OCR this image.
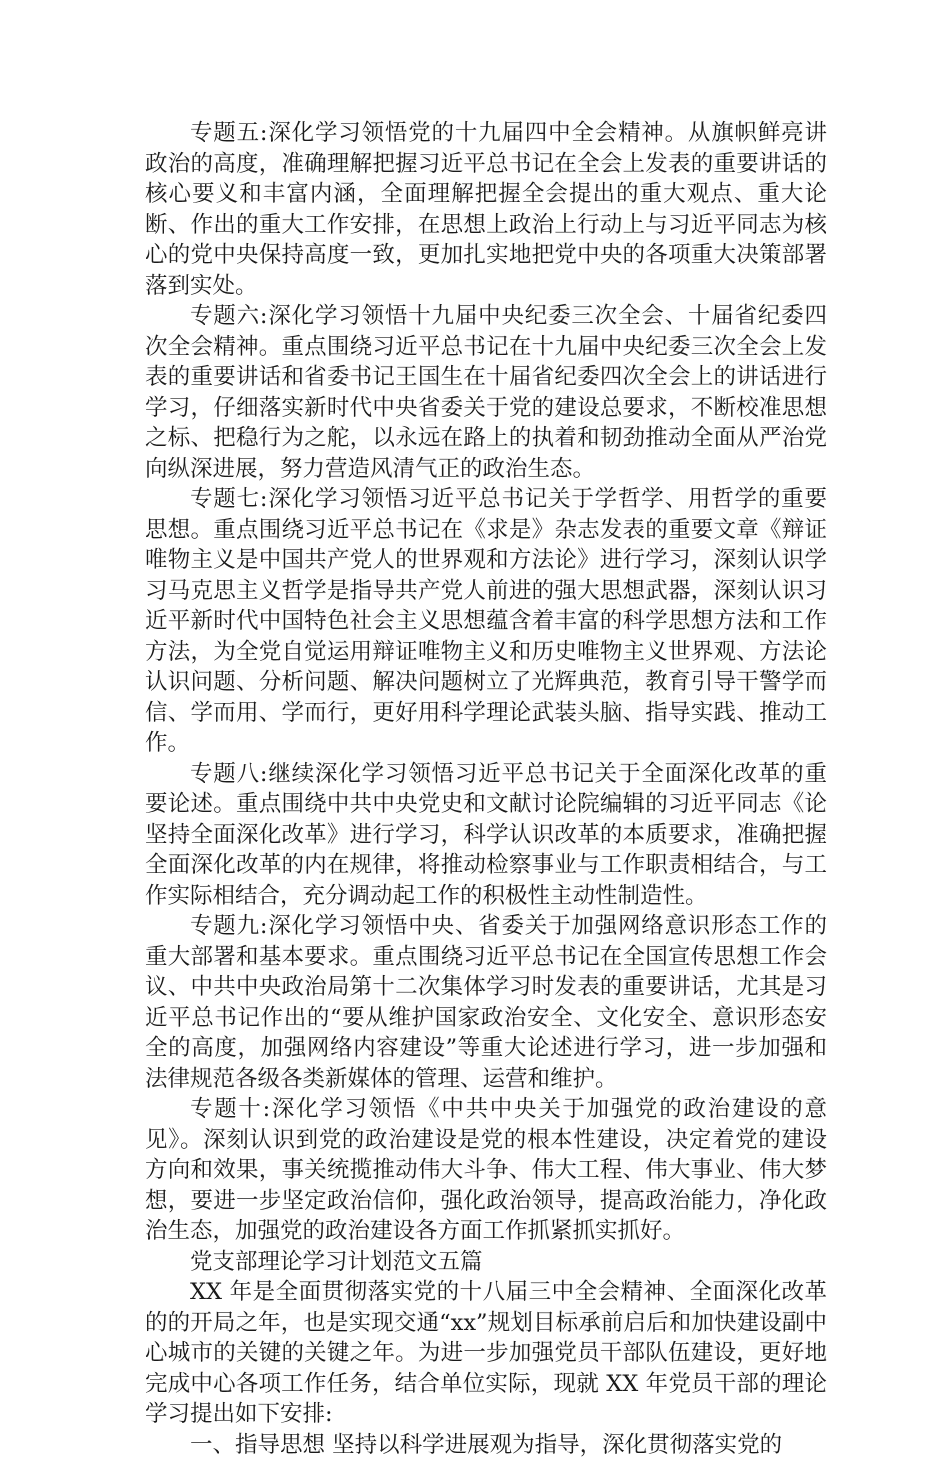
专题五:深化学习领悟党的十九届四中全会精神。从旗帜鲜亮讲政治的高度，准确理解把握习近平总书记在全会上发表的重要讲话的核心要义和丰富内涵，全面理解把握全会提出的重大观点、重大论断、作出的重大工作安排，在思想上政治上行动上与习近平同志为核心的党中央保持高度一致，更加扎实地把党中央的各项重大决策部署落到实处。

专题六:深化学习领悟十九届中央纪委三次全会、十届省纪委四次全会精神。重点围绕习近平总书记在十九届中央纪委三次全会上发表的重要讲话和省委书记王国生在十届省纪委四次全会上的讲话进行学习，仔细落实新时代中央省委关于党的建设总要求，不断校准思想之标、把稳行为之舵，以永远在路上的执着和韧劲推动全面从严治党向纵深进展，努力营造风清气正的政治生态。

专题七:深化学习领悟习近平总书记关于学哲学、用哲学的重要思想。重点围绕习近平总书记在《求是》杂志发表的重要文章《辩证唯物主义是中国共产党人的世界观和方法论》进行学习，深刻认识学习马克思主义哲学是指导共产党人前进的强大思想武器，深刻认识习近平新时代中国特色社会主义思想蕴含着丰富的科学思想方法和工作方法，为全党自觉运用辩证唯物主义和历史唯物主义世界观、方法论认识问题、分析问题、解决问题树立了光辉典范，教育引导干警学而信、学而用、学而行，更好用科学理论武装头脑、指导实践、推动工作。

专题八:继续深化学习领悟习近平总书记关于全面深化改革的重要论述。重点围绕中共中央党史和文献讨论院编辑的习近平同志《论坚持全面深化改革》进行学习，科学认识改革的本质要求，准确把握全面深化改革的内在规律，将推动检察事业与工作职责相结合，与工作实际相结合，充分调动起工作的积极性主动性制造性。

专题九:深化学习领悟中央、省委关于加强网络意识形态工作的重大部署和基本要求。重点围绕习近平总书记在全国宣传思想工作会议、中共中央政治局第十二次集体学习时发表的重要讲话，尤其是习近平总书记作出的“要从维护国家政治安全、文化安全、意识形态安全的高度，加强网络内容建设”等重大论述进行学习，进一步加强和法律规范各级各类新媒体的管理、运营和维护。

专题十:深化学习领悟《中共中央关于加强党的政治建设的意见》。深刻认识到党的政治建设是党的根本性建设，决定着党的建设方向和效果，事关统揽推动伟大斗争、伟大工程、伟大事业、伟大梦想，要进一步坚定政治信仰，强化政治领导，提高政治能力，净化政治生态，加强党的政治建设各方面工作抓紧抓实抓好。

党支部理论学习计划范文五篇

XX 年是全面贯彻落实党的十八届三中全会精神、全面深化改革的的开局之年，也是实现交通“xx”规划目标承前启后和加快建设副中心城市的关键的关键之年。为进一步加强党员干部队伍建设，更好地完成中心各项工作任务，结合单位实际，现就 XX 年党员干部的理论学习提出如下安排:

一、指导思想 坚持以科学进展观为指导，深化贯彻落实党的
